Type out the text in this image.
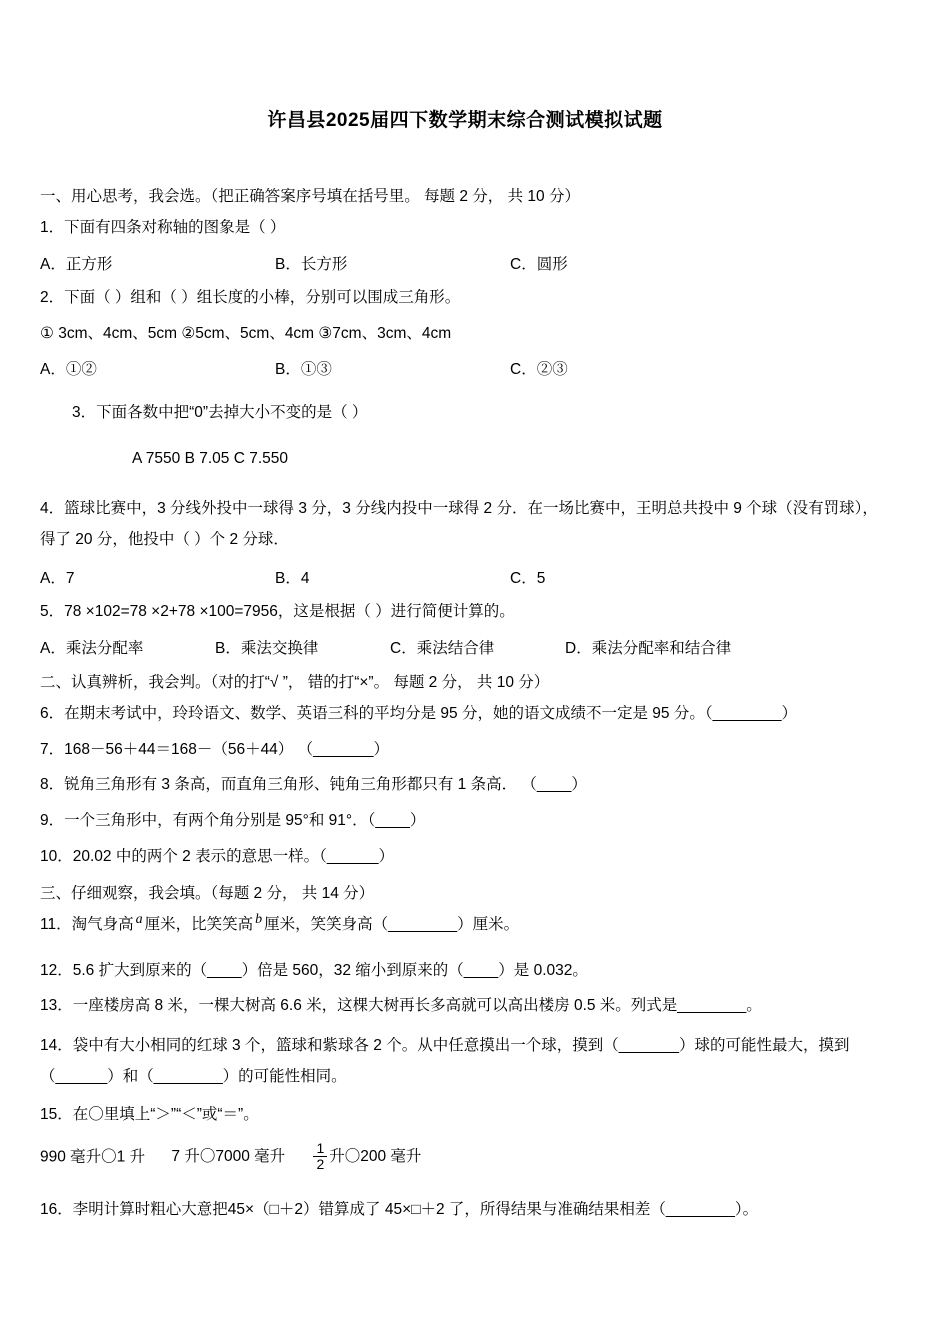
许昌县2025届四下数学期末综合测试模拟试题
一、用心思考，我会选。（把正确答案序号填在括号里。 每题 2 分， 共 10 分）
1．下面有四条对称轴的图象是（ ）
A．正方形	B．长方形	C．圆形
2．下面（ ）组和（ ）组长度的小棒，分别可以围成三角形。
① 3cm、4cm、5cm ②5cm、5cm、4cm ③7cm、3cm、4cm
A．①②	B．①③	C．②③
3．下面各数中把“0”去掉大小不变的是（ ）
A 7550 B 7.05 C 7.550
4．篮球比赛中，3 分线外投中一球得 3 分，3 分线内投中一球得 2 分．在一场比赛中，王明总共投中 9 个球（没有罚球），得了 20 分，他投中（ ）个 2 分球．
A．7	B．4	C．5
5．78 ×102=78 ×2+78 ×100=7956，这是根据（ ）进行简便计算的。
A．乘法分配率	B．乘法交换律	C．乘法结合律	D．乘法分配率和结合律
二、认真辨析，我会判。（对的打“√ ”， 错的打“×”。 每题 2 分， 共 10 分）
6．在期末考试中，玲玲语文、数学、英语三科的平均分是 95 分，她的语文成绩不一定是 95 分。（________）
7．168－56＋44＝168－（56＋44） （_______）
8．锐角三角形有 3 条高，而直角三角形、钝角三角形都只有 1 条高． （____）
9．一个三角形中，有两个角分别是 95°和 91°．（____）
10．20.02 中的两个 2 表示的意思一样。（______）
三、仔细观察，我会填。（每题 2 分， 共 14 分）
11．淘气身高 a 厘米，比笑笑高 b 厘米，笑笑身高（________）厘米。
12．5.6 扩大到原来的（____）倍是 560，32 缩小到原来的（____）是 0.032。
13．一座楼房高 8 米，一棵大树高 6.6 米，这棵大树再长多高就可以高出楼房 0.5 米。列式是________。
14．袋中有大小相同的红球 3 个，篮球和紫球各 2 个。从中任意摸出一个球，摸到（_______）球的可能性最大，摸到（______）和（________）的可能性相同。
15．在〇里填上“＞”“＜”或“＝”。
990 毫升〇1 升 7 升〇7000 毫升 $\frac{1}{2}$ 升〇200 毫升
16．李明计算时粗心大意把45×（□＋2）错算成了 45×□＋2 了，所得结果与准确结果相差（________）。
